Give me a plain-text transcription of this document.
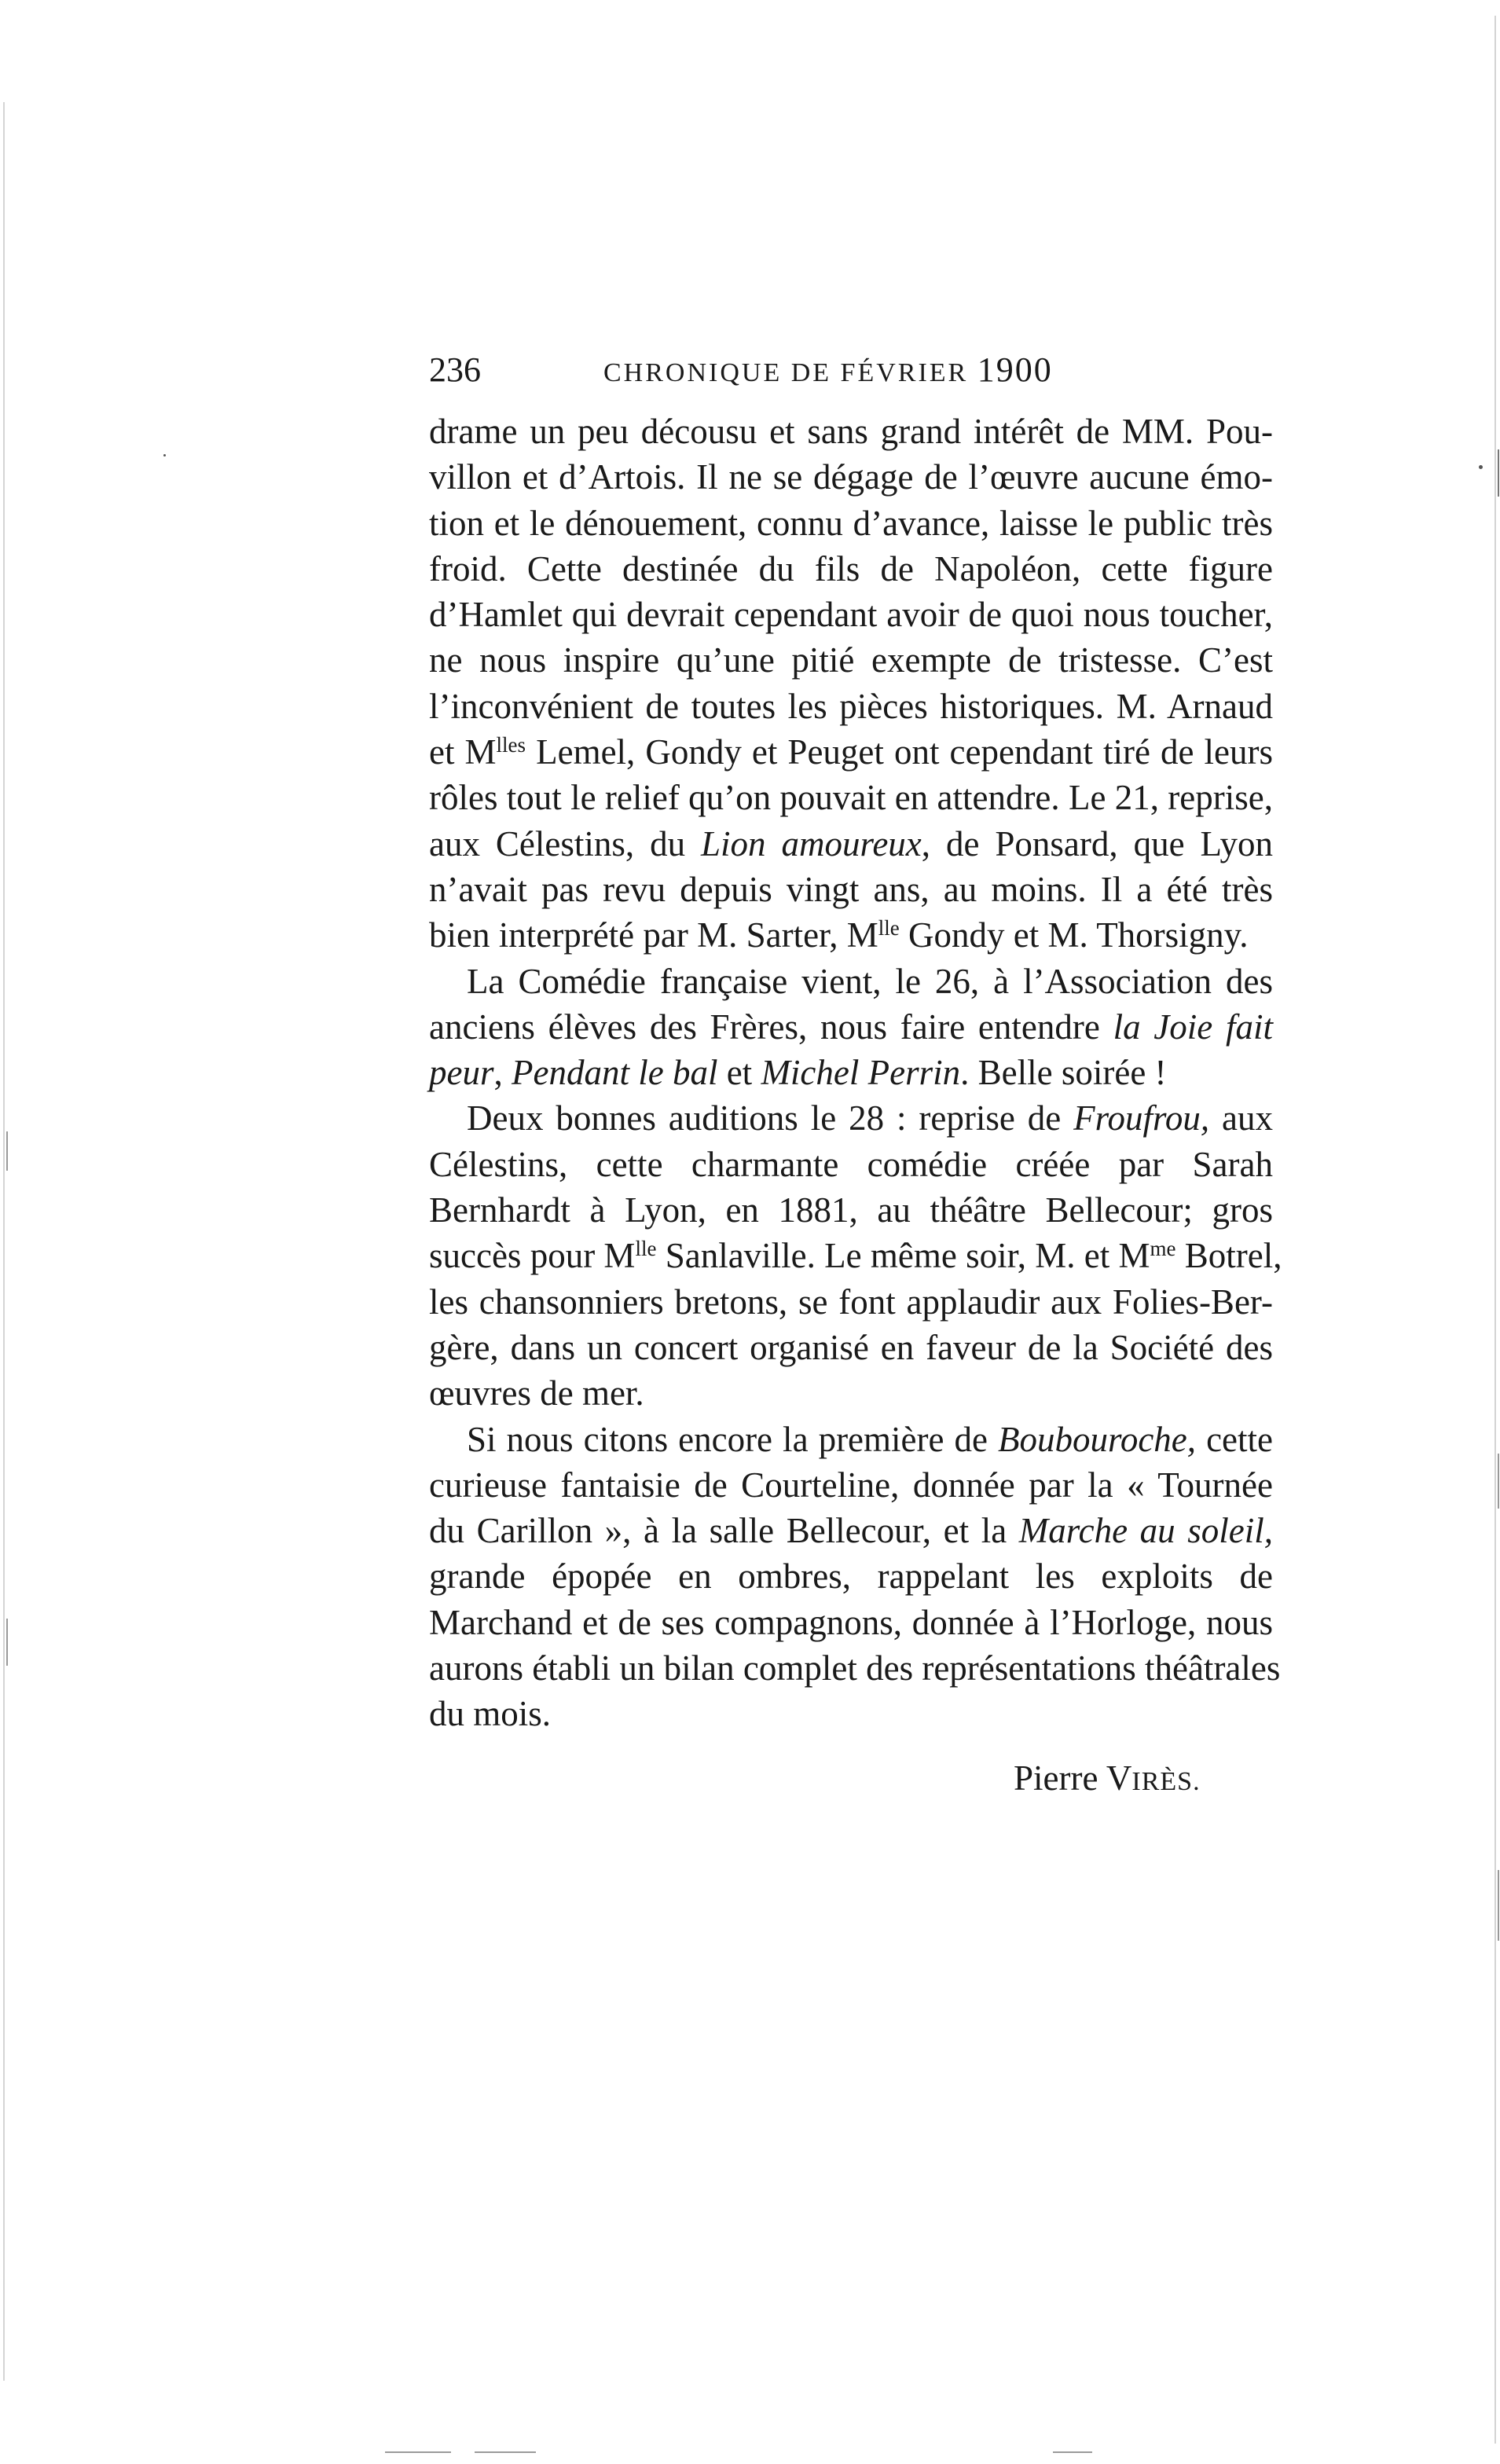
236	CHRONIQUE DE FÉVRIER 1900
drame un peu décousu et sans grand intérêt de MM. Pou-
villon et d’Artois. Il ne se dégage de l’œuvre aucune émo-
tion et le dénouement, connu d’avance, laisse le public très
froid. Cette destinée du fils de Napoléon, cette figure
d’Hamlet qui devrait cependant avoir de quoi nous toucher,
ne nous inspire qu’une pitié exempte de tristesse. C’est
l’inconvénient de toutes les pièces historiques. M. Arnaud
et $M^{lles}$ Lemel, Gondy et Peuget ont cependant tiré de leurs
rôles tout le relief qu’on pouvait en attendre. Le 21, reprise,
aux Célestins, du Lion amoureux, de Ponsard, que Lyon
n’avait pas revu depuis vingt ans, au moins. Il a été très
bien interprété par M. Sarter, $M^{lle}$ Gondy et M. Thorsigny.
La Comédie française vient, le 26, à l’Association des
anciens élèves des Frères, nous faire entendre la Joie fait
peur, Pendant le bal et Michel Perrin. Belle soirée !
Deux bonnes auditions le 28 : reprise de Froufrou, aux
Célestins, cette charmante comédie créée par Sarah
Bernhardt à Lyon, en 1881, au théâtre Bellecour; gros
succès pour $M^{lle}$ Sanlaville. Le même soir, M. et $M^{me}$ Botrel,
les chansonniers bretons, se font applaudir aux Folies-Ber-
gère, dans un concert organisé en faveur de la Société des
œuvres de mer.
Si nous citons encore la première de Boubouroche, cette
curieuse fantaisie de Courteline, donnée par la « Tournée
du Carillon », à la salle Bellecour, et la Marche au soleil,
grande épopée en ombres, rappelant les exploits de
Marchand et de ses compagnons, donnée à l’Horloge, nous
aurons établi un bilan complet des représentations théâtrales
du mois.
Pierre VIRÈS.
